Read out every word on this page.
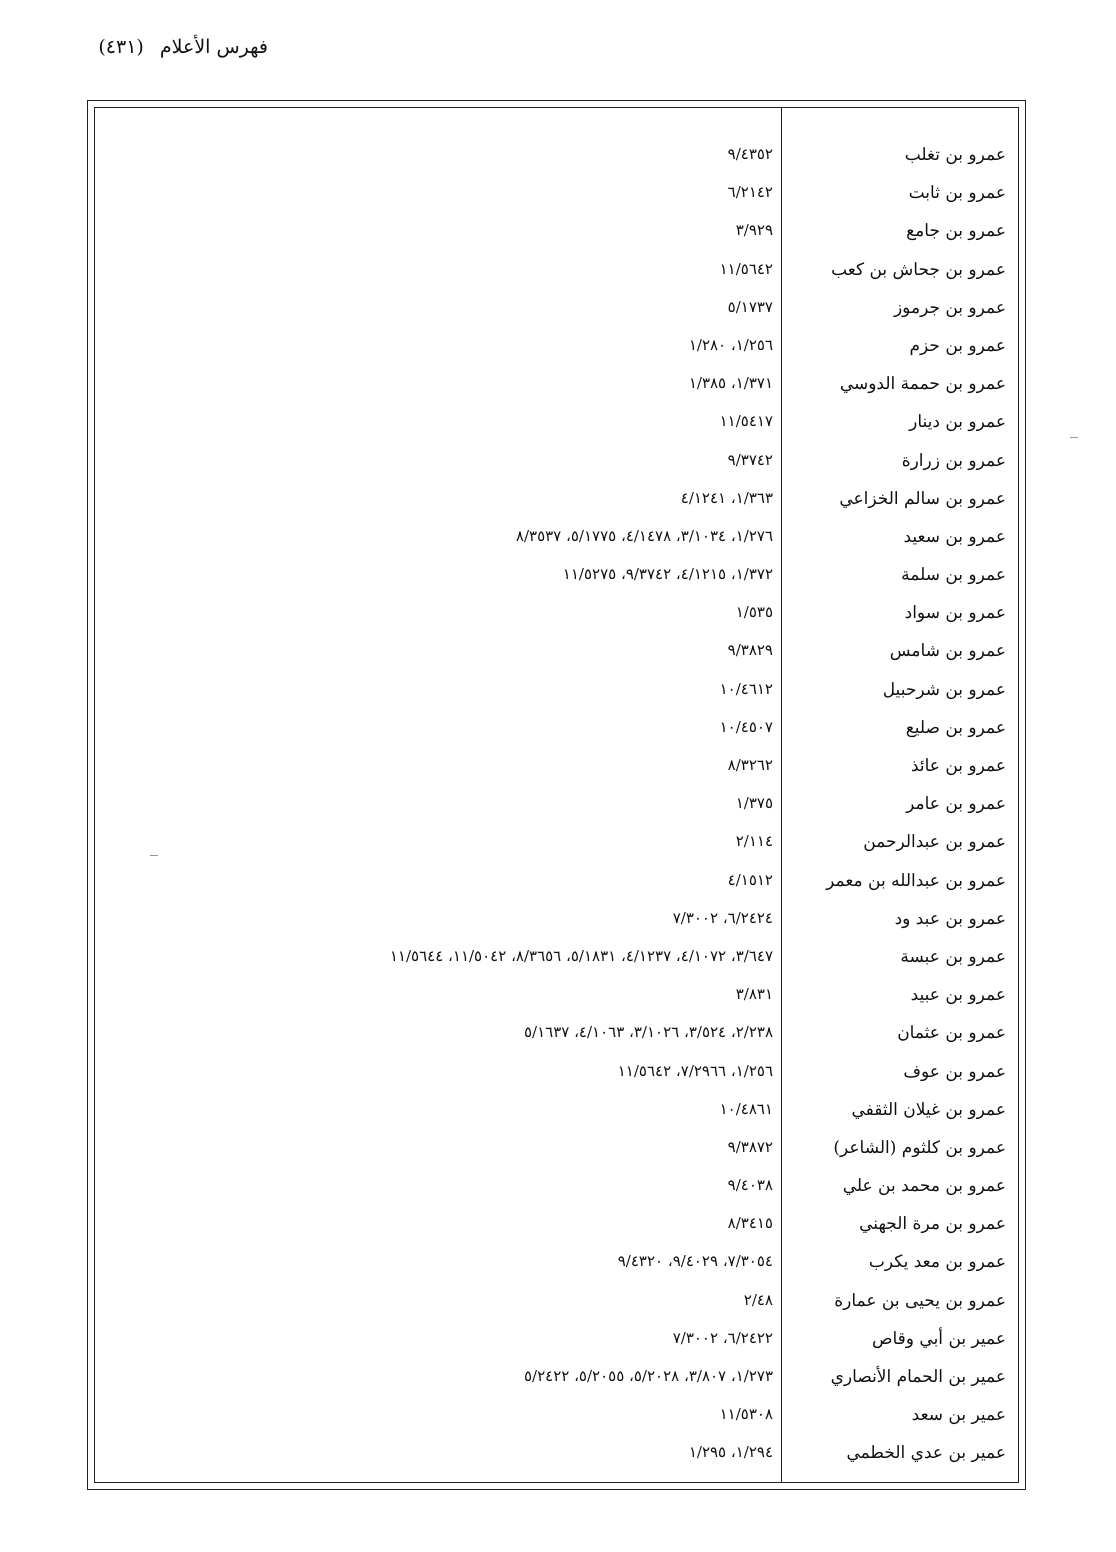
فهرس الأعلام (٤٣١)
عمرو بن تغلب
٩/٤٣٥٢
عمرو بن ثابت
٦/٢١٤٢
عمرو بن جامع
٣/٩٢٩
عمرو بن جحاش بن كعب
١١/٥٦٤٢
عمرو بن جرموز
٥/١٧٣٧
عمرو بن حزم
١/٢٥٦، ١/٢٨٠
عمرو بن حممة الدوسي
١/٣٧١، ١/٣٨٥
عمرو بن دينار
١١/٥٤١٧
عمرو بن زرارة
٩/٣٧٤٢
عمرو بن سالم الخزاعي
١/٣٦٣، ٤/١٢٤١
عمرو بن سعيد
١/٢٧٦، ٣/١٠٣٤، ٤/١٤٧٨، ٥/١٧٧٥، ٨/٣٥٣٧
عمرو بن سلمة
١/٣٧٢، ٤/١٢١٥، ٩/٣٧٤٢، ١١/٥٢٧٥
عمرو بن سواد
١/٥٣٥
عمرو بن شامس
٩/٣٨٢٩
عمرو بن شرحبيل
١٠/٤٦١٢
عمرو بن صليع
١٠/٤٥٠٧
عمرو بن عائذ
٨/٣٢٦٢
عمرو بن عامر
١/٣٧٥
عمرو بن عبدالرحمن
٢/١١٤
عمرو بن عبدالله بن معمر
٤/١٥١٢
عمرو بن عبد ود
٦/٢٤٢٤، ٧/٣٠٠٢
عمرو بن عبسة
٣/٦٤٧، ٤/١٠٧٢، ٤/١٢٣٧، ٥/١٨٣١، ٨/٣٦٥٦، ١١/٥٠٤٢، ١١/٥٦٤٤
عمرو بن عبيد
٣/٨٣١
عمرو بن عثمان
٢/٢٣٨، ٣/٥٢٤، ٣/١٠٢٦، ٤/١٠٦٣، ٥/١٦٣٧
عمرو بن عوف
١/٢٥٦، ٧/٢٩٦٦، ١١/٥٦٤٢
عمرو بن غيلان الثقفي
١٠/٤٨٦١
عمرو بن كلثوم (الشاعر)
٩/٣٨٧٢
عمرو بن محمد بن علي
٩/٤٠٣٨
عمرو بن مرة الجهني
٨/٣٤١٥
عمرو بن معد يكرب
٧/٣٠٥٤، ٩/٤٠٢٩، ٩/٤٣٢٠
عمرو بن يحيى بن عمارة
٢/٤٨
عمير بن أبي وقاص
٦/٢٤٢٢، ٧/٣٠٠٢
عمير بن الحمام الأنصاري
١/٢٧٣، ٣/٨٠٧، ٥/٢٠٢٨، ٥/٢٠٥٥، ٥/٢٤٢٢
عمير بن سعد
١١/٥٣٠٨
عمير بن عدي الخطمي
١/٢٩٤، ١/٢٩٥
